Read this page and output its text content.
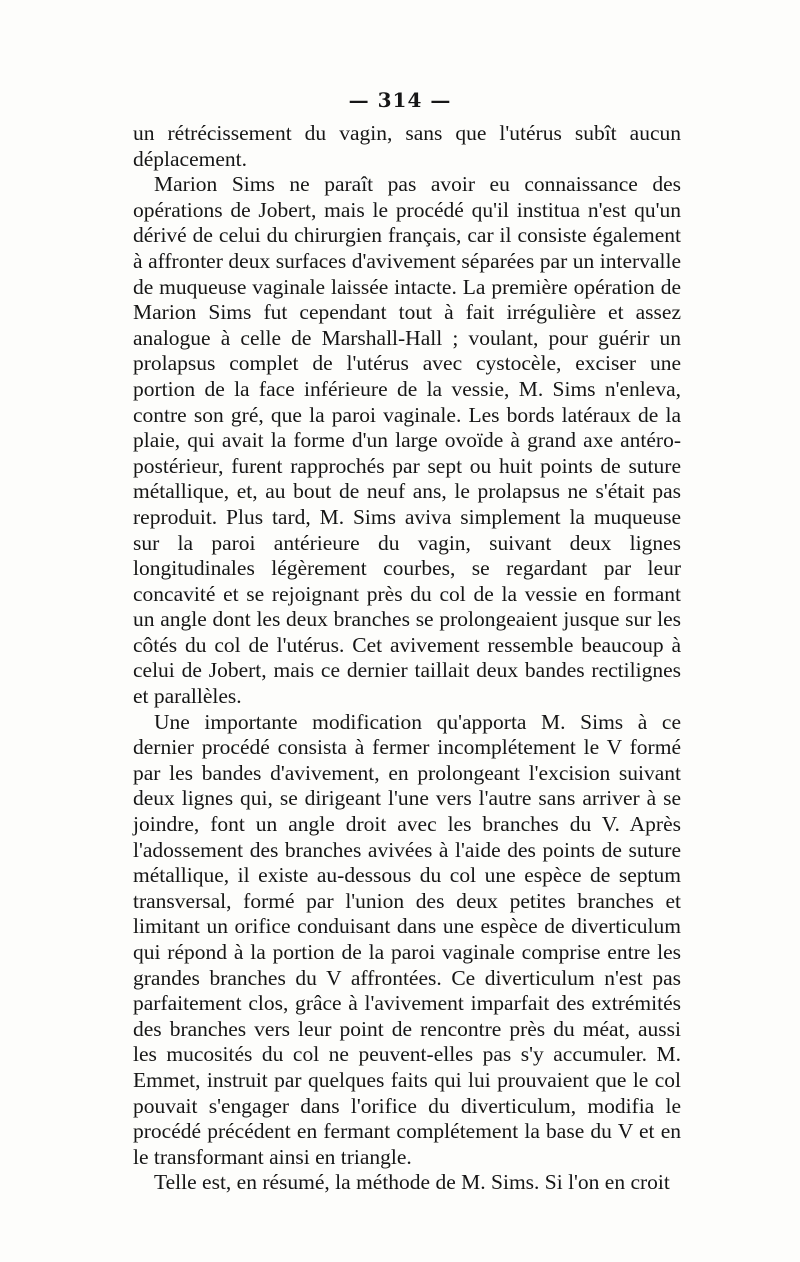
— 314 —

un rétrécissement du vagin, sans que l'utérus subît aucun déplacement.

Marion Sims ne paraît pas avoir eu connaissance des opérations de Jobert, mais le procédé qu'il institua n'est qu'un dérivé de celui du chirurgien français, car il consiste également à affronter deux surfaces d'avivement séparées par un intervalle de muqueuse vaginale laissée intacte. La première opération de Marion Sims fut cependant tout à fait irrégulière et assez analogue à celle de Marshall-Hall ; voulant, pour guérir un prolapsus complet de l'utérus avec cystocèle, exciser une portion de la face inférieure de la vessie, M. Sims n'enleva, contre son gré, que la paroi vaginale. Les bords latéraux de la plaie, qui avait la forme d'un large ovoïde à grand axe antéro-postérieur, furent rapprochés par sept ou huit points de suture métallique, et, au bout de neuf ans, le prolapsus ne s'était pas reproduit. Plus tard, M. Sims aviva simplement la muqueuse sur la paroi antérieure du vagin, suivant deux lignes longitudinales légèrement courbes, se regardant par leur concavité et se rejoignant près du col de la vessie en formant un angle dont les deux branches se prolongeaient jusque sur les côtés du col de l'utérus. Cet avivement ressemble beaucoup à celui de Jobert, mais ce dernier taillait deux bandes rectilignes et parallèles.

Une importante modification qu'apporta M. Sims à ce dernier procédé consista à fermer incomplétement le V formé par les bandes d'avivement, en prolongeant l'excision suivant deux lignes qui, se dirigeant l'une vers l'autre sans arriver à se joindre, font un angle droit avec les branches du V. Après l'adossement des branches avivées à l'aide des points de suture métallique, il existe au-dessous du col une espèce de septum transversal, formé par l'union des deux petites branches et limitant un orifice conduisant dans une espèce de diverticulum qui répond à la portion de la paroi vaginale comprise entre les grandes branches du V affrontées. Ce diverticulum n'est pas parfaitement clos, grâce à l'avivement imparfait des extrémités des branches vers leur point de rencontre près du méat, aussi les mucosités du col ne peuvent-elles pas s'y accumuler. M. Emmet, instruit par quelques faits qui lui prouvaient que le col pouvait s'engager dans l'orifice du diverticulum, modifia le procédé précédent en fermant complétement la base du V et en le transformant ainsi en triangle.

Telle est, en résumé, la méthode de M. Sims. Si l'on en croit
